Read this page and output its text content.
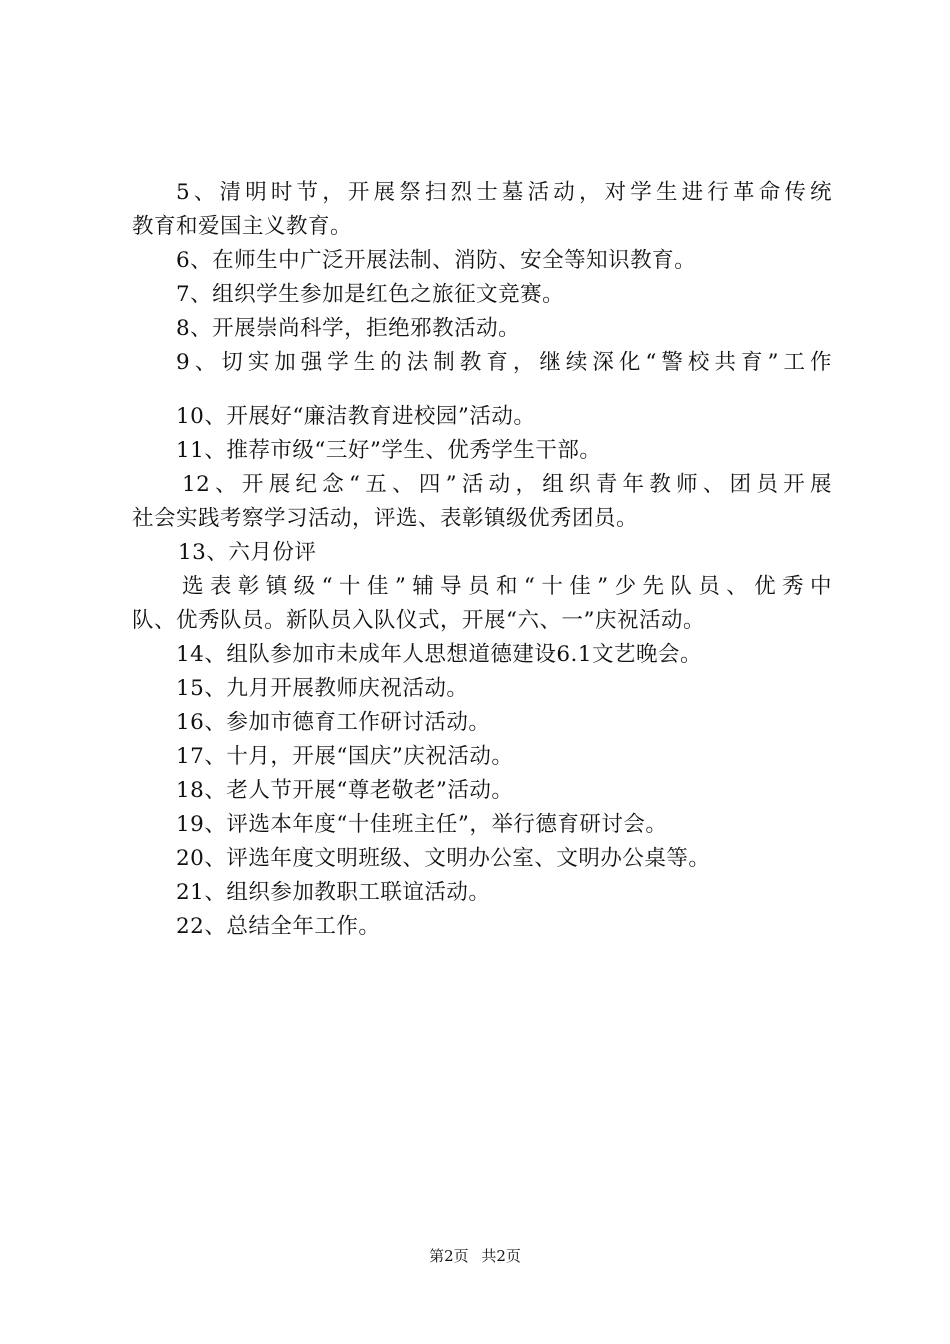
5、清明时节，开展祭扫烈士墓活动，对学生进行革命传统
教育和爱国主义教育。
6、在师生中广泛开展法制、消防、安全等知识教育。
7、组织学生参加是红色之旅征文竞赛。
8、开展崇尚科学，拒绝邪教活动。
9、切实加强学生的法制教育，继续深化“警校共育”工作
10、开展好“廉洁教育进校园”活动。
11、推荐市级“三好”学生、优秀学生干部。
12、开展纪念“五、四”活动，组织青年教师、团员开展
社会实践考察学习活动，评选、表彰镇级优秀团员。
13、六月份评
选表彰镇级“十佳”辅导员和“十佳”少先队员、优秀中
队、优秀队员。新队员入队仪式，开展“六、一”庆祝活动。
14、组队参加市未成年人思想道德建设6.1文艺晚会。
15、九月开展教师庆祝活动。
16、参加市德育工作研讨活动。
17、十月，开展“国庆”庆祝活动。
18、老人节开展“尊老敬老”活动。
19、评选本年度“十佳班主任”，举行德育研讨会。
20、评选年度文明班级、文明办公室、文明办公桌等。
21、组织参加教职工联谊活动。
22、总结全年工作。
第2页 共2页
